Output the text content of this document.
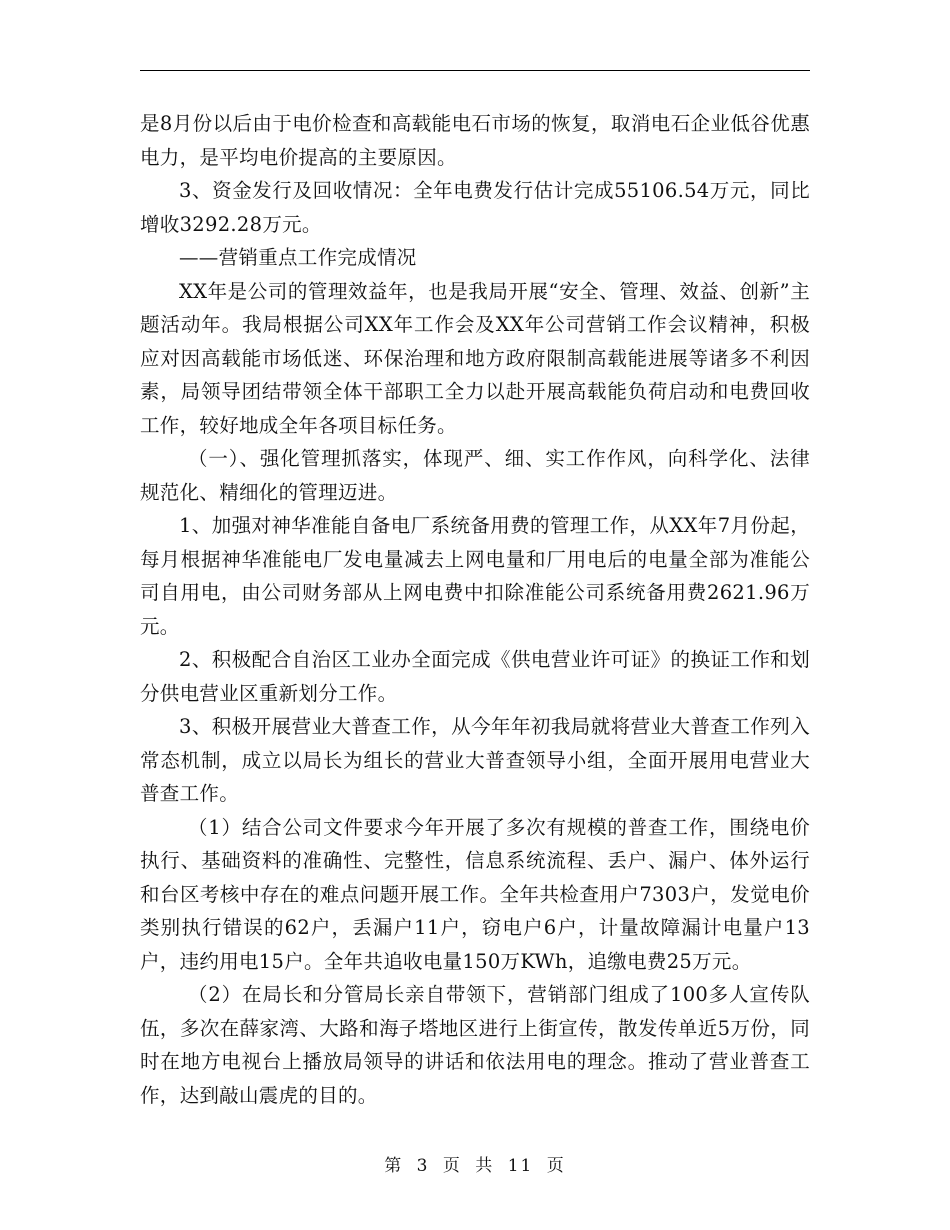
是8月份以后由于电价检查和高载能电石市场的恢复，取消电石企业低谷优惠电力，是平均电价提高的主要原因。

3、资金发行及回收情况：全年电费发行估计完成55106.54万元，同比增收3292.28万元。

——营销重点工作完成情况

XX年是公司的管理效益年，也是我局开展“安全、管理、效益、创新”主题活动年。我局根据公司XX年工作会及XX年公司营销工作会议精神，积极应对因高载能市场低迷、环保治理和地方政府限制高载能进展等诸多不利因素，局领导团结带领全体干部职工全力以赴开展高载能负荷启动和电费回收工作，较好地成全年各项目标任务。

（一）、强化管理抓落实，体现严、细、实工作作风，向科学化、法律规范化、精细化的管理迈进。

1、加强对神华准能自备电厂系统备用费的管理工作，从XX年7月份起，每月根据神华准能电厂发电量减去上网电量和厂用电后的电量全部为准能公司自用电，由公司财务部从上网电费中扣除准能公司系统备用费2621.96万元。

2、积极配合自治区工业办全面完成《供电营业许可证》的换证工作和划分供电营业区重新划分工作。

3、积极开展营业大普查工作，从今年年初我局就将营业大普查工作列入常态机制，成立以局长为组长的营业大普查领导小组，全面开展用电营业大普查工作。

（1）结合公司文件要求今年开展了多次有规模的普查工作，围绕电价执行、基础资料的准确性、完整性，信息系统流程、丢户、漏户、体外运行和台区考核中存在的难点问题开展工作。全年共检查用户7303户，发觉电价类别执行错误的62户，丢漏户11户，窃电户6户，计量故障漏计电量户13户，违约用电15户。全年共追收电量150万KWh，追缴电费25万元。

（2）在局长和分管局长亲自带领下，营销部门组成了100多人宣传队伍，多次在薛家湾、大路和海子塔地区进行上街宣传，散发传单近5万份，同时在地方电视台上播放局领导的讲话和依法用电的理念。推动了营业普查工作，达到敲山震虎的目的。

第 3 页 共 11 页
